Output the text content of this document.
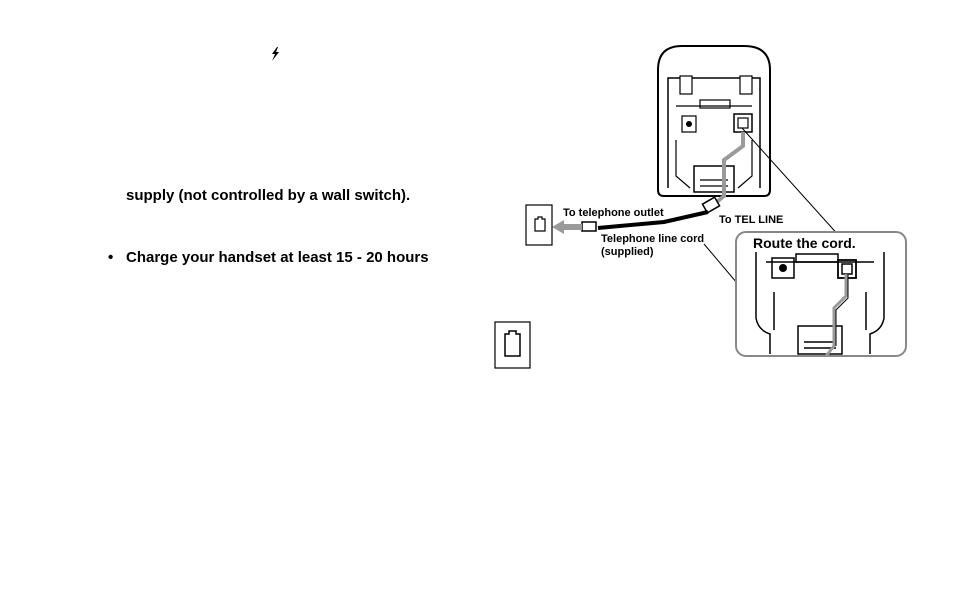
supply (not controlled by a wall switch).
• Charge your handset at least 15 - 20 hours
To telephone outlet
Telephone line cord
(supplied)
To TEL LINE
Route the cord.
